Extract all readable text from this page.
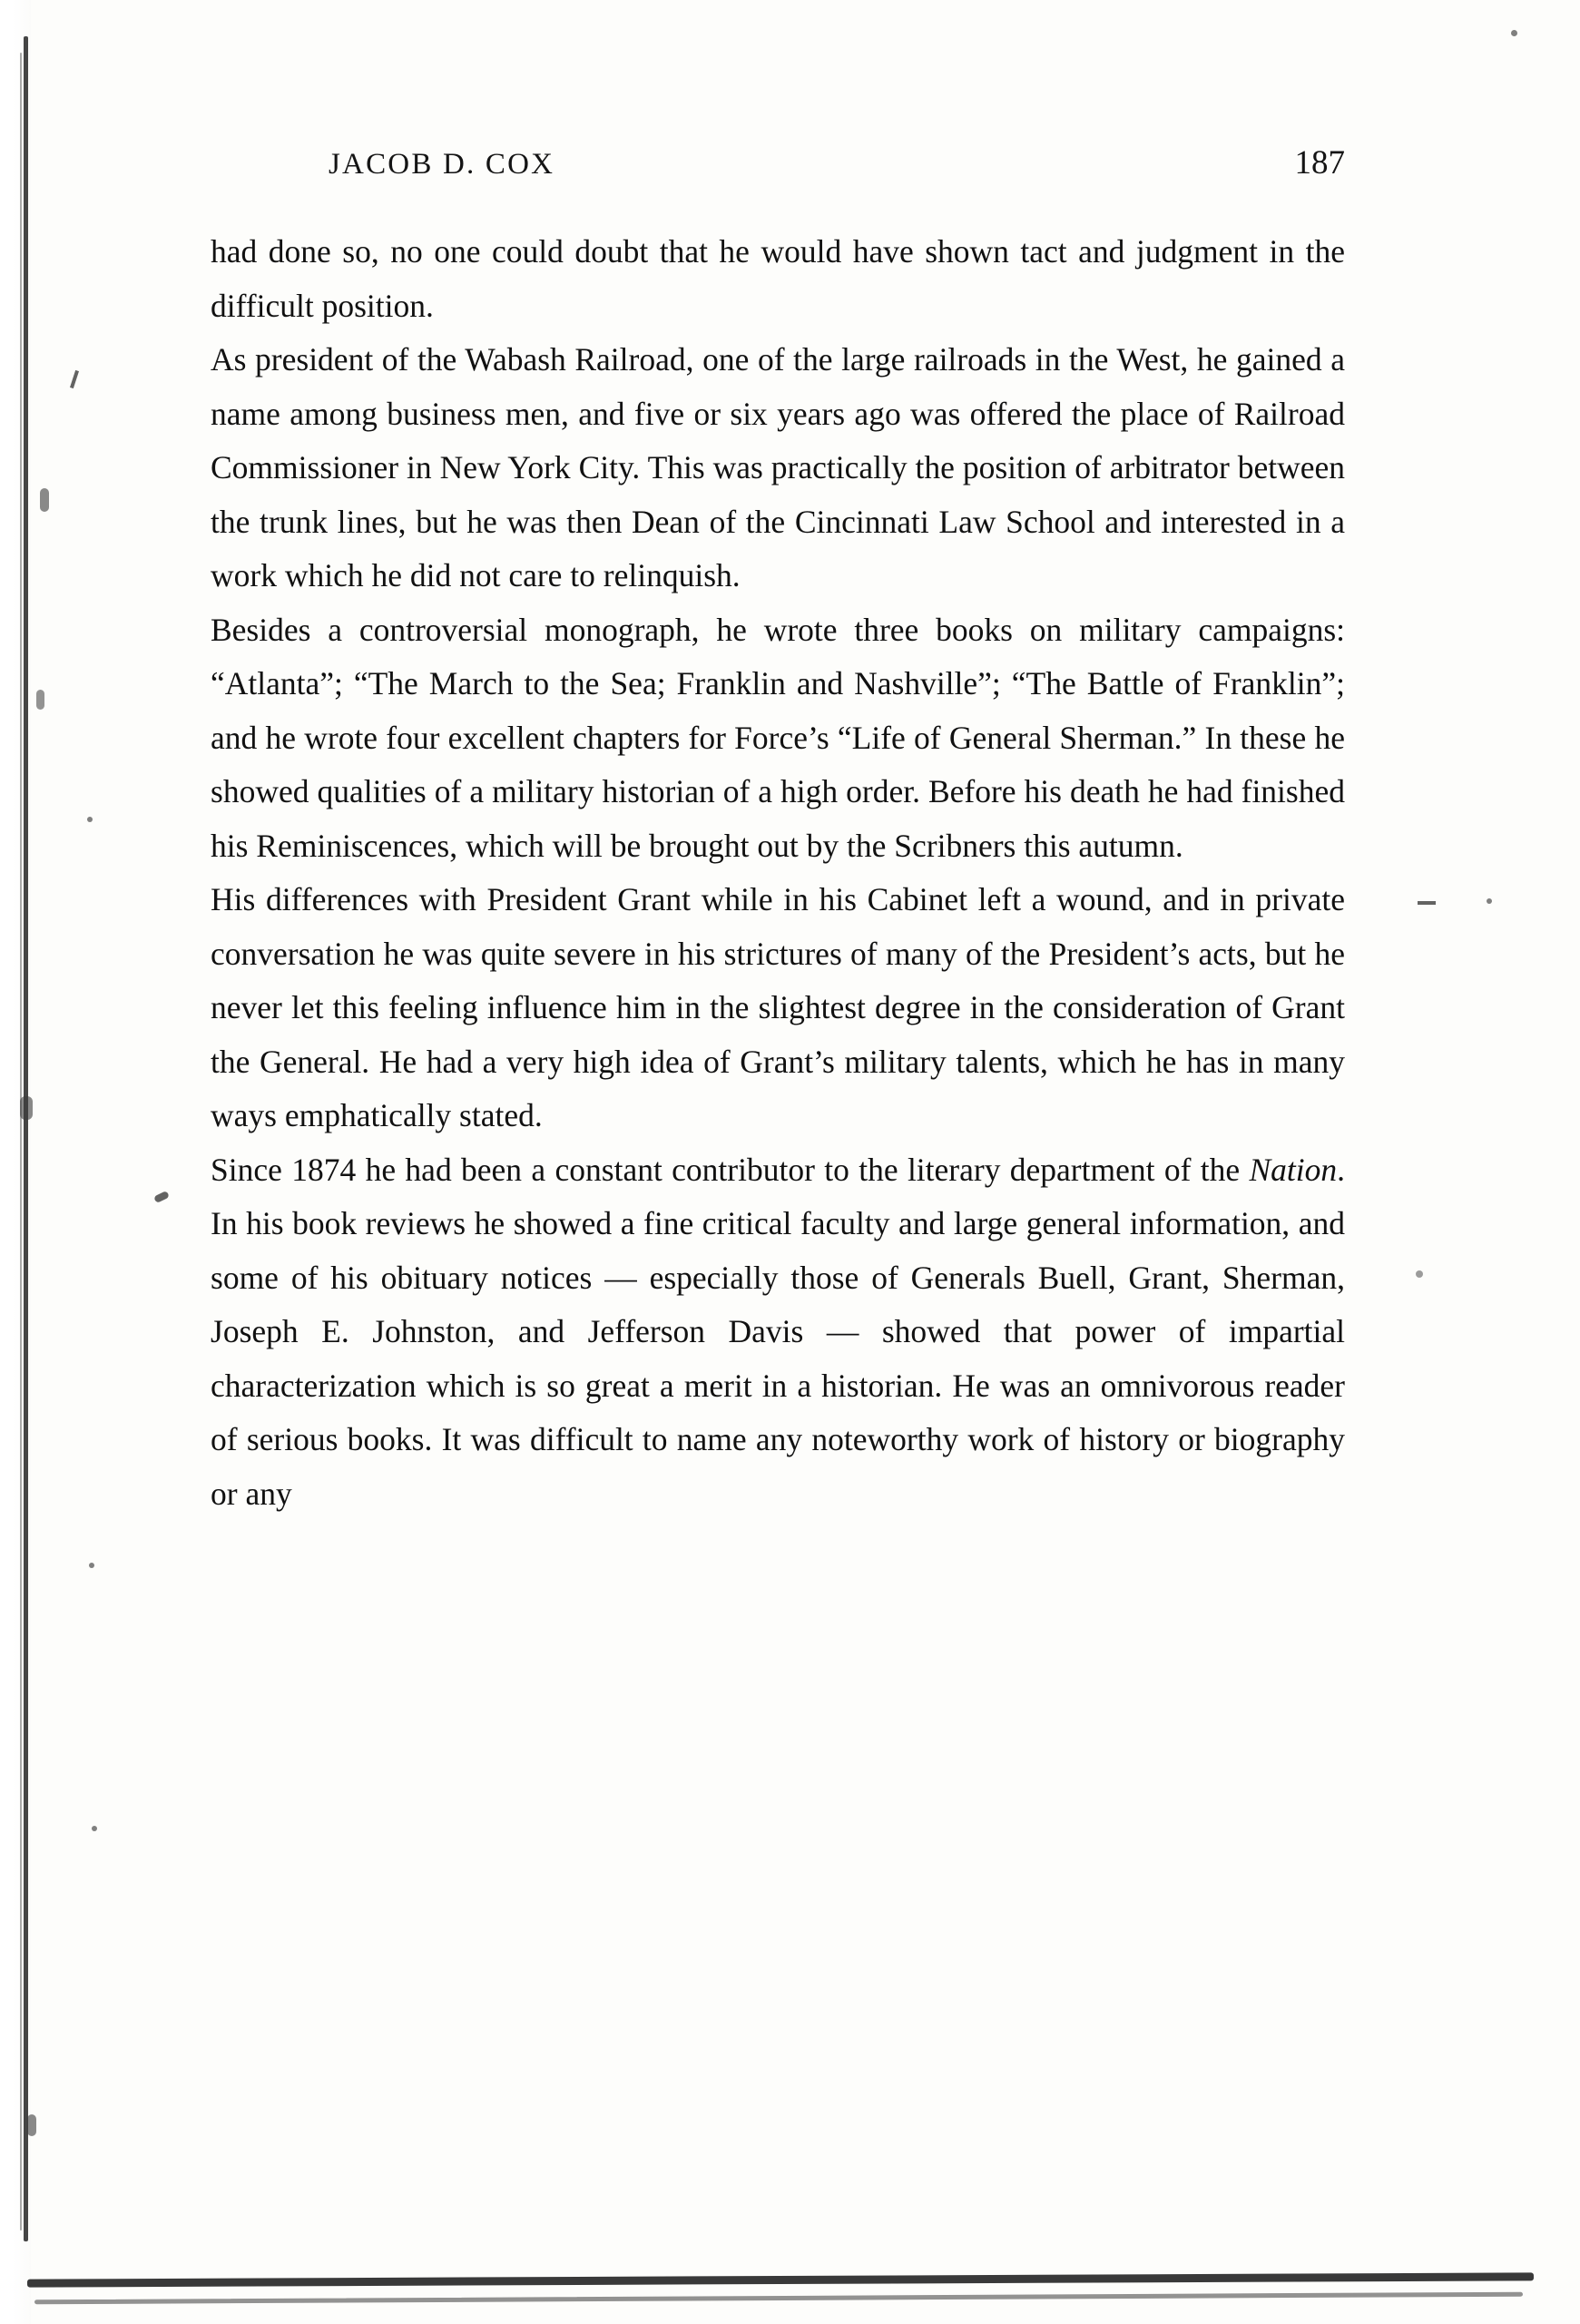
JACOB D. COX	187

had done so, no one could doubt that he would have shown tact and judgment in the difficult position.

As president of the Wabash Railroad, one of the large railroads in the West, he gained a name among business men, and five or six years ago was offered the place of Railroad Commissioner in New York City. This was practically the position of arbitrator between the trunk lines, but he was then Dean of the Cincinnati Law School and interested in a work which he did not care to relinquish.

Besides a controversial monograph, he wrote three books on military campaigns: “Atlanta”; “The March to the Sea; Franklin and Nashville”; “The Battle of Franklin”; and he wrote four excellent chapters for Force’s “Life of General Sherman.” In these he showed qualities of a military historian of a high order. Before his death he had finished his Reminiscences, which will be brought out by the Scribners this autumn.

His differences with President Grant while in his Cabinet left a wound, and in private conversation he was quite severe in his strictures of many of the President’s acts, but he never let this feeling influence him in the slightest degree in the consideration of Grant the General. He had a very high idea of Grant’s military talents, which he has in many ways emphatically stated.

Since 1874 he had been a constant contributor to the literary department of the Nation. In his book reviews he showed a fine critical faculty and large general information, and some of his obituary notices — especially those of Generals Buell, Grant, Sherman, Joseph E. Johnston, and Jefferson Davis — showed that power of impartial characterization which is so great a merit in a historian. He was an omnivorous reader of serious books. It was difficult to name any noteworthy work of history or biography or any
